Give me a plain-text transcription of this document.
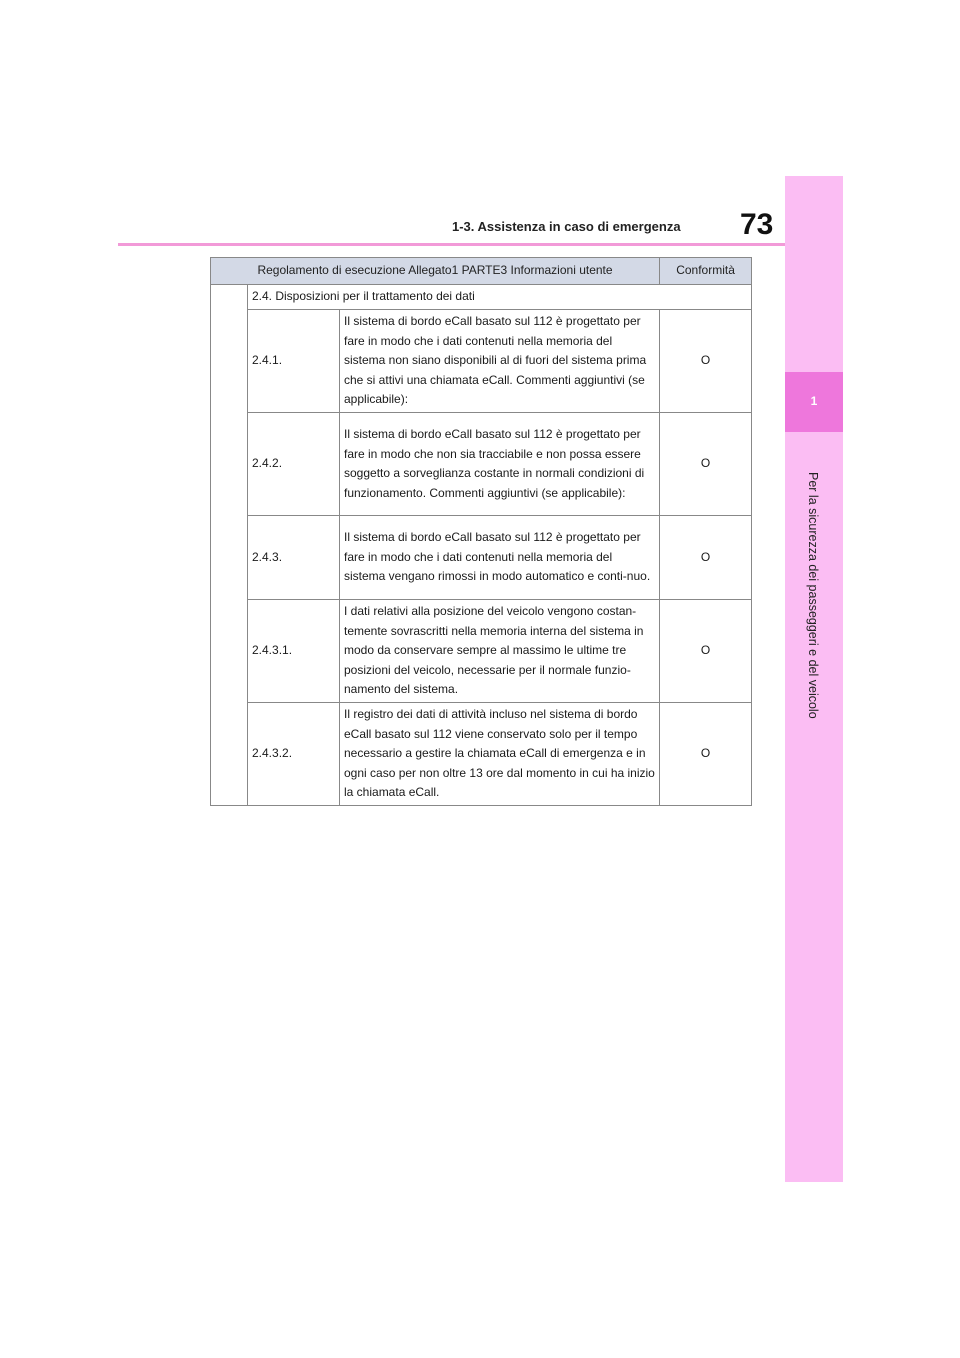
73
1-3. Assistenza in caso di emergenza
1
Per la sicurezza dei passeggeri e del veicolo
Regolamento di esecuzione Allegato1 PARTE3 Informazioni utente			Conformità
	2.4. Disposizioni per il trattamento dei dati		
	2.4.1.	Il sistema di bordo eCall basato sul 112 è progettato per fare in modo che i dati contenuti nella memoria del sistema non siano disponibili al di fuori del sistema prima che si attivi una chiamata eCall. Commenti aggiuntivi (se applicabile):	O
	2.4.2.	Il sistema di bordo eCall basato sul 112 è progettato per fare in modo che non sia tracciabile e non possa essere soggetto a sorveglianza costante in normali condizioni di funzionamento. Commenti aggiuntivi (se applicabile):	O
	2.4.3.	Il sistema di bordo eCall basato sul 112 è progettato per fare in modo che i dati contenuti nella memoria del sistema vengano rimossi in modo automatico e conti-nuo.	O
	2.4.3.1.	I dati relativi alla posizione del veicolo vengono costan-temente sovrascritti nella memoria interna del sistema in modo da conservare sempre al massimo le ultime tre posizioni del veicolo, necessarie per il normale funzio-namento del sistema.	O
	2.4.3.2.	Il registro dei dati di attività incluso nel sistema di bordo eCall basato sul 112 viene conservato solo per il tempo necessario a gestire la chiamata eCall di emergenza e in ogni caso per non oltre 13 ore dal momento in cui ha inizio la chiamata eCall.	O
